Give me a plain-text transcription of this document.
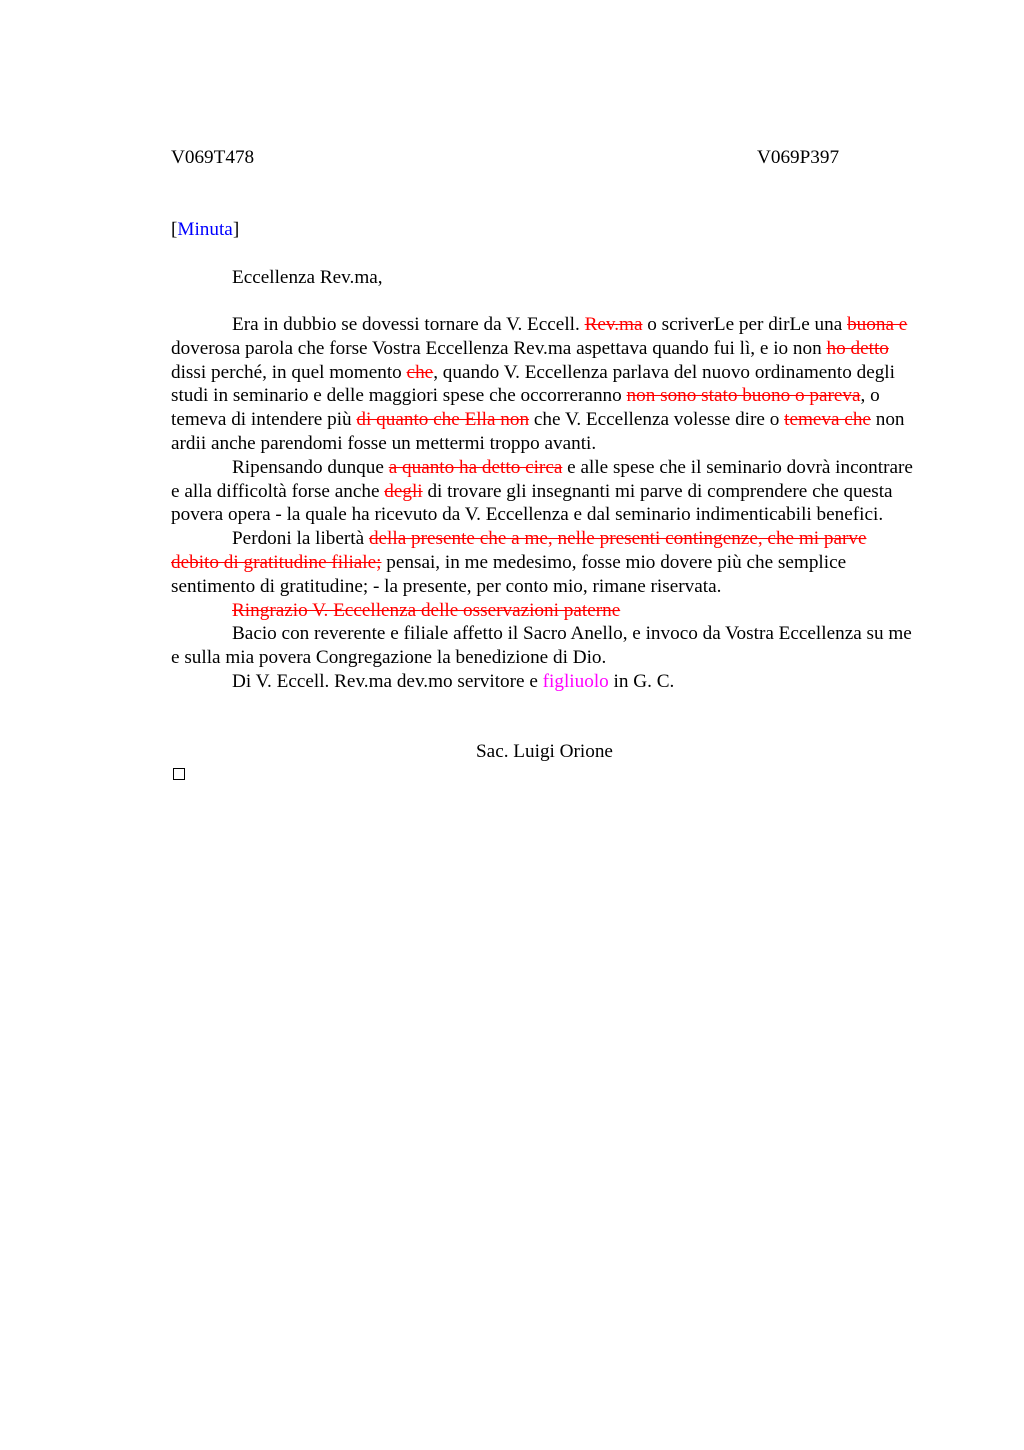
V069T478	V069P397
[Minuta]
Eccellenza Rev.ma,

Era in dubbio se dovessi tornare da V. Eccell. Rev.ma o scriverLe per dirLe una buona e doverosa parola che forse Vostra Eccellenza Rev.ma aspettava quando fui lì, e io non ho detto dissi perché, in quel momento che, quando V. Eccellenza parlava del nuovo ordinamento degli studi in seminario e delle maggiori spese che occorreranno non sono stato buono o pareva, o temeva di intendere più di quanto che Ella non che V. Eccellenza volesse dire o temeva che non ardii anche parendomi fosse un mettermi troppo avanti.

Ripensando dunque a quanto ha detto circa e alle spese che il seminario dovrà incontrare e alla difficoltà forse anche degli di trovare gli insegnanti mi parve di comprendere che questa povera opera - la quale ha ricevuto da V. Eccellenza e dal seminario indimenticabili benefici.

Perdoni la libertà della presente che a me, nelle presenti contingenze, che mi parve debito di gratitudine filiale; pensai, in me medesimo, fosse mio dovere più che semplice sentimento di gratitudine; - la presente, per conto mio, rimane riservata.

Ringrazio V. Eccellenza delle osservazioni paterne

Bacio con reverente e filiale affetto il Sacro Anello, e invoco da Vostra Eccellenza su me e sulla mia povera Congregazione la benedizione di Dio.

Di V. Eccell. Rev.ma dev.mo servitore e figliuolo in G. C.

Sac. Luigi Orione
